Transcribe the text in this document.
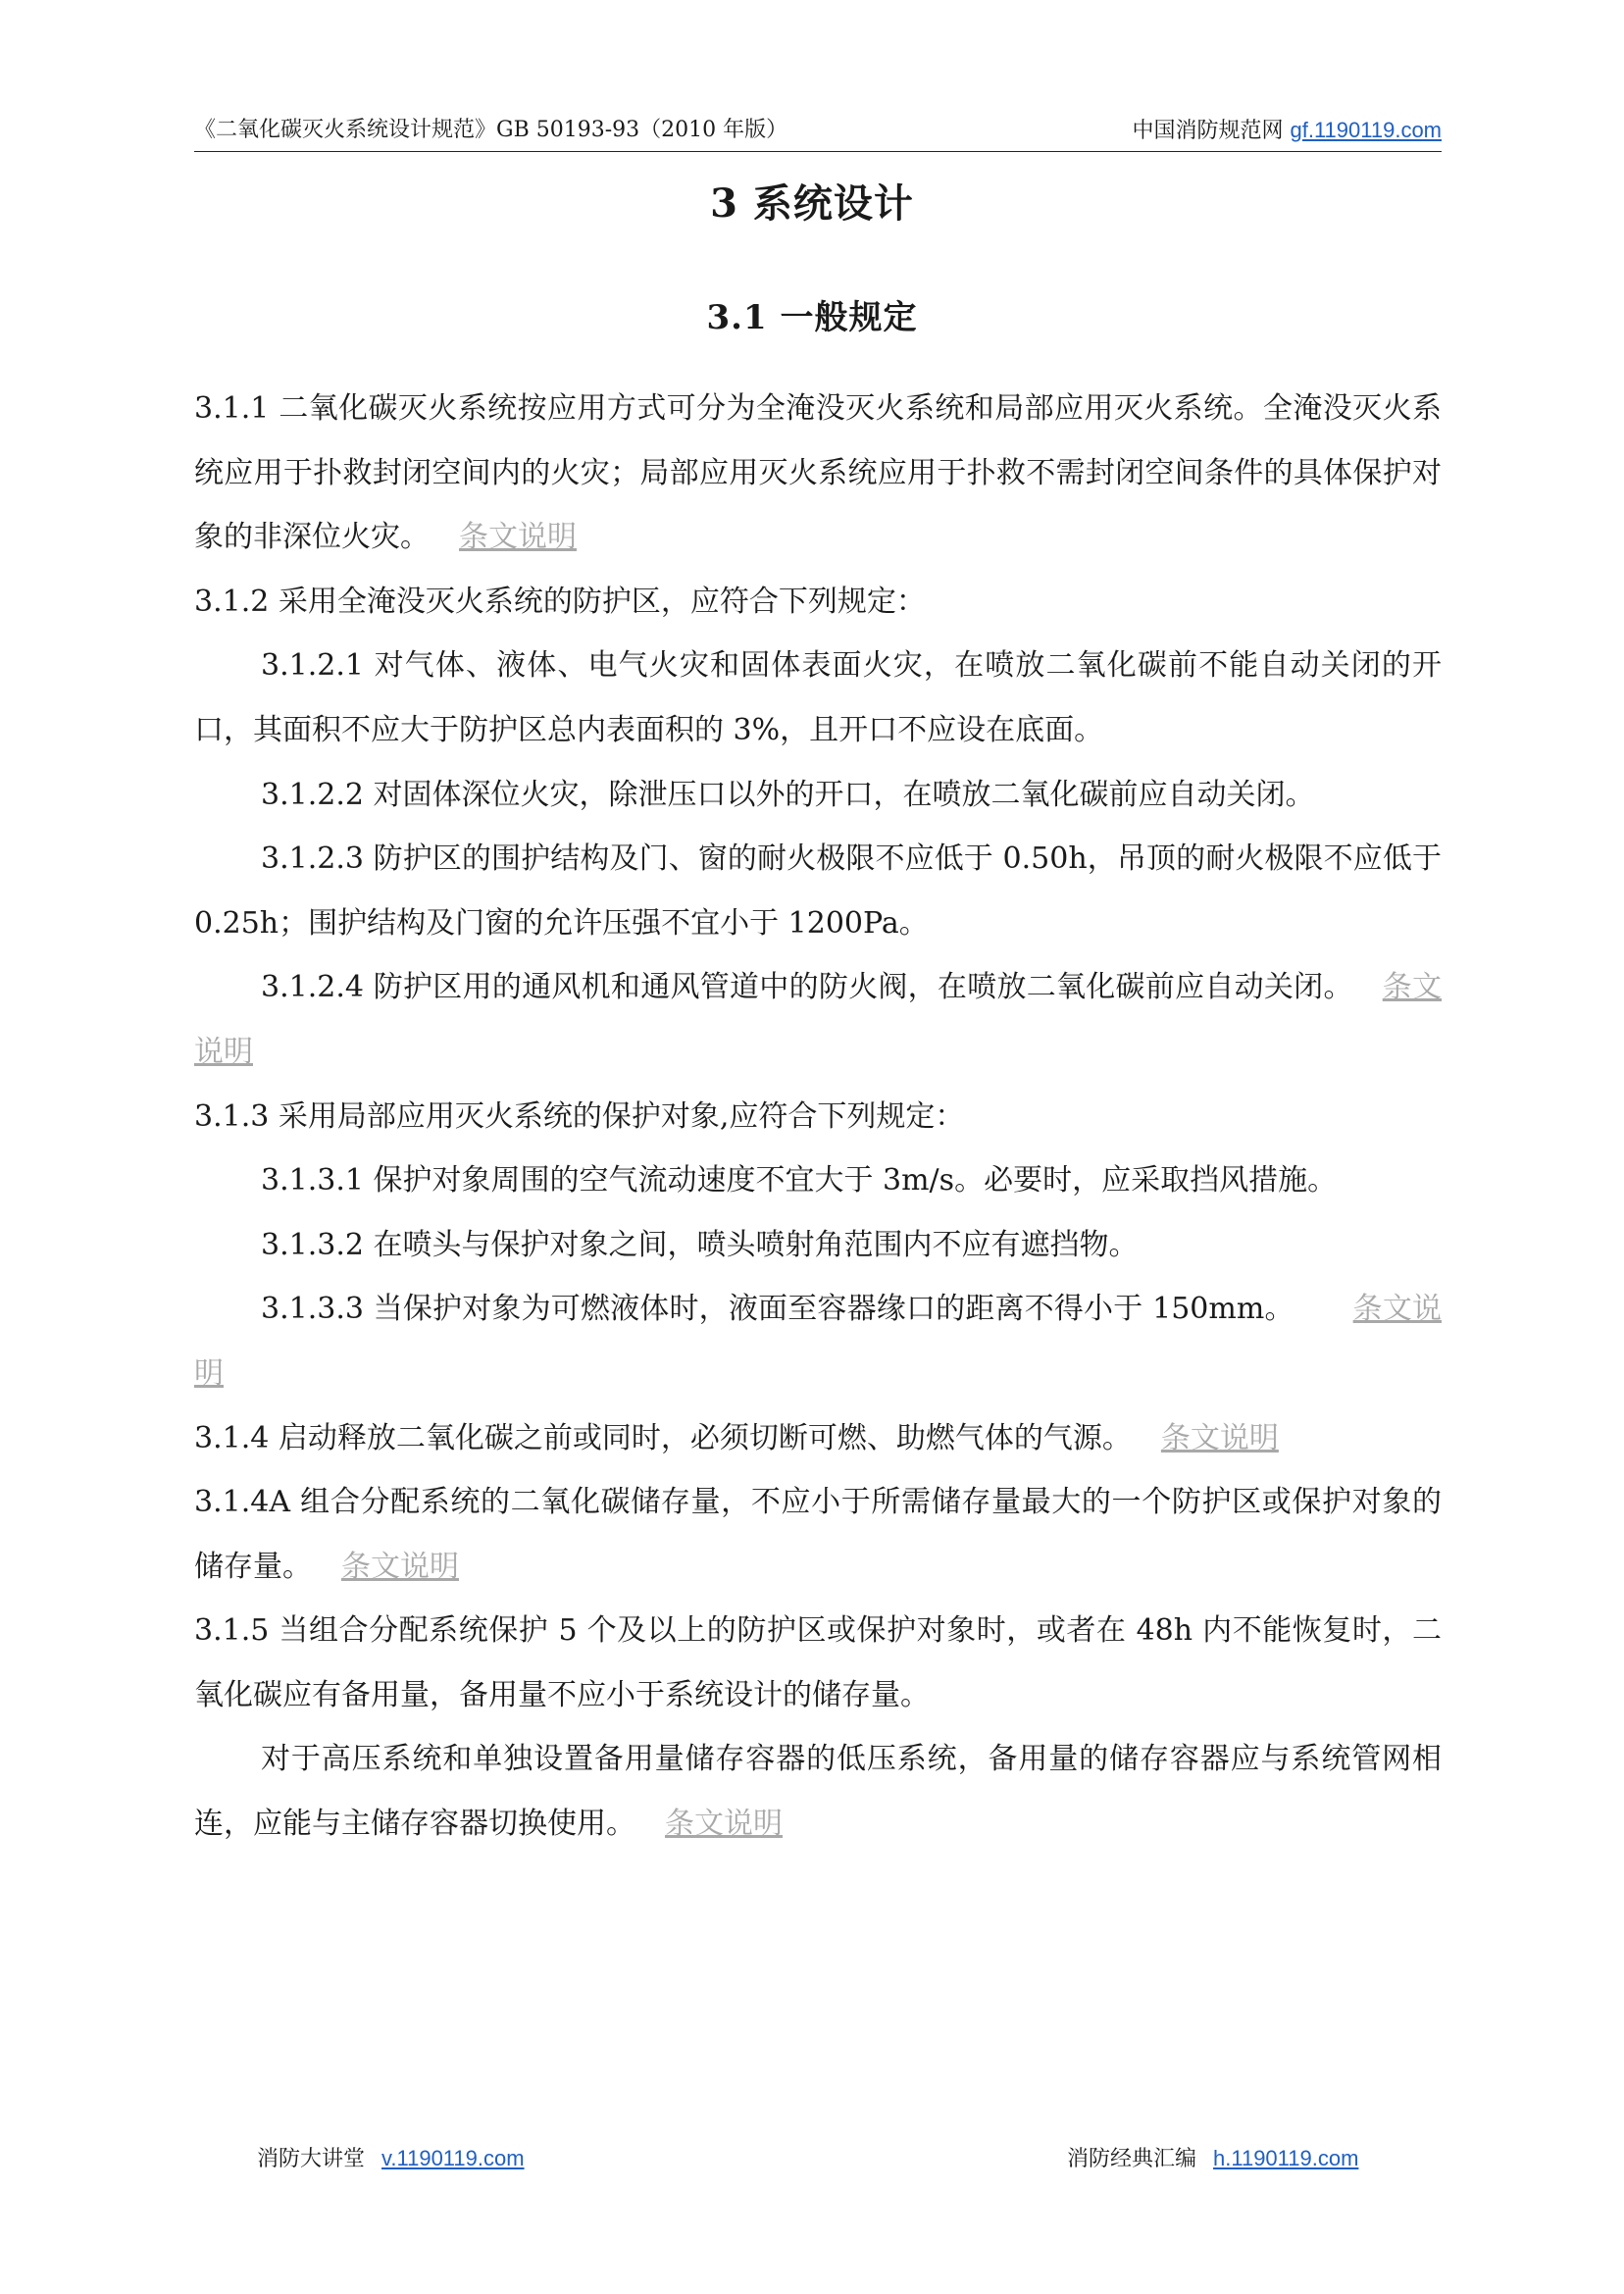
《二氧化碳灭火系统设计规范》GB 50193-93（2010 年版）	中国消防规范网 gf.1190119.com
3 系统设计
3.1 一般规定

3.1.1 二氧化碳灭火系统按应用方式可分为全淹没灭火系统和局部应用灭火系统。全淹没灭火系统应用于扑救封闭空间内的火灾；局部应用灭火系统应用于扑救不需封闭空间条件的具体保护对象的非深位火灾。 条文说明

3.1.2 采用全淹没灭火系统的防护区，应符合下列规定：

3.1.2.1 对气体、液体、电气火灾和固体表面火灾，在喷放二氧化碳前不能自动关闭的开口，其面积不应大于防护区总内表面积的 3%，且开口不应设在底面。

3.1.2.2 对固体深位火灾，除泄压口以外的开口，在喷放二氧化碳前应自动关闭。

3.1.2.3 防护区的围护结构及门、窗的耐火极限不应低于 0.50h，吊顶的耐火极限不应低于 0.25h；围护结构及门窗的允许压强不宜小于 1200Pa。

3.1.2.4 防护区用的通风机和通风管道中的防火阀，在喷放二氧化碳前应自动关闭。 条文说明

3.1.3 采用局部应用灭火系统的保护对象,应符合下列规定：

3.1.3.1 保护对象周围的空气流动速度不宜大于 3m/s。必要时，应采取挡风措施。

3.1.3.2 在喷头与保护对象之间，喷头喷射角范围内不应有遮挡物。

3.1.3.3 当保护对象为可燃液体时，液面至容器缘口的距离不得小于 150mm。 条文说明

3.1.4 启动释放二氧化碳之前或同时，必须切断可燃、助燃气体的气源。 条文说明

3.1.4A 组合分配系统的二氧化碳储存量，不应小于所需储存量最大的一个防护区或保护对象的储存量。 条文说明

3.1.5 当组合分配系统保护 5 个及以上的防护区或保护对象时，或者在 48h 内不能恢复时，二氧化碳应有备用量，备用量不应小于系统设计的储存量。

对于高压系统和单独设置备用量储存容器的低压系统，备用量的储存容器应与系统管网相连，应能与主储存容器切换使用。 条文说明

消防大讲堂 v.1190119.com	消防经典汇编 h.1190119.com
